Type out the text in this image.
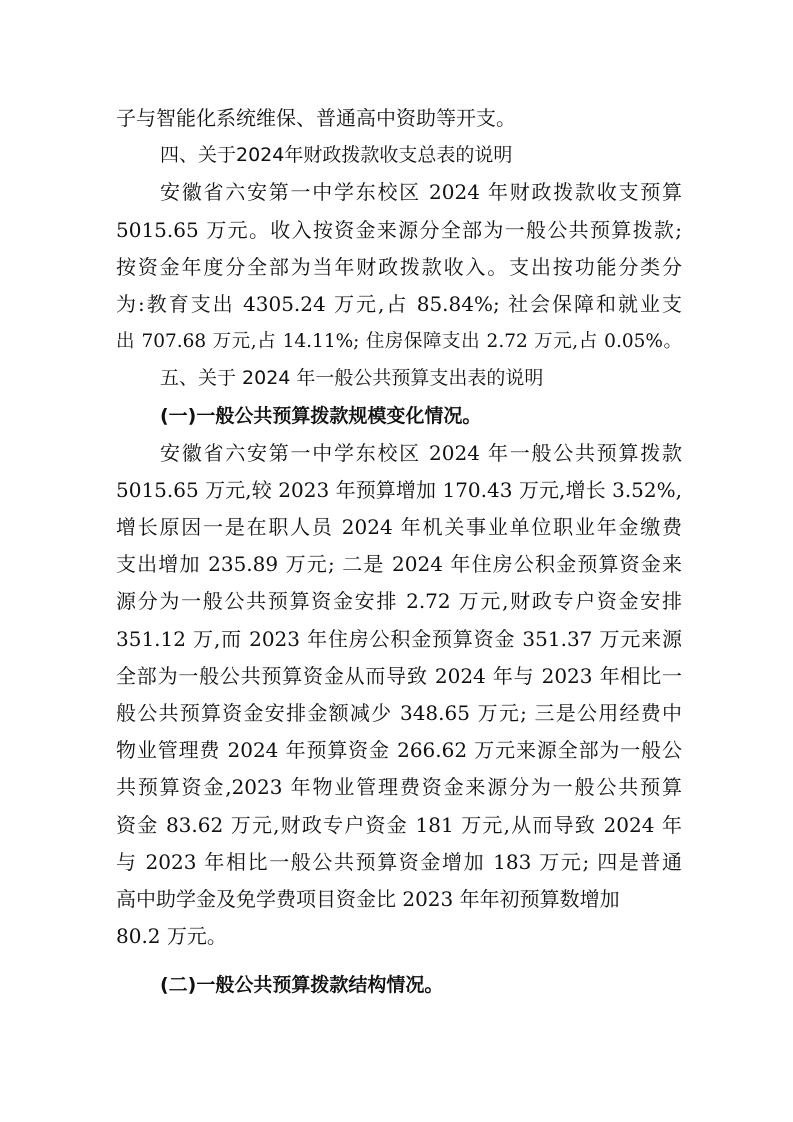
子与智能化系统维保、普通高中资助等开支。
四、关于2024年财政拨款收支总表的说明
安徽省六安第一中学东校区 2024 年财政拨款收支预算
5015.65 万元。收入按资金来源分全部为一般公共预算拨款;
按资金年度分全部为当年财政拨款收入。支出按功能分类分
为:教育支出 4305.24 万元,占 85.84%; 社会保障和就业支
出 707.68 万元,占 14.11%; 住房保障支出 2.72 万元,占 0.05%。
五、关于 2024 年一般公共预算支出表的说明
(一)一般公共预算拨款规模变化情况。
安徽省六安第一中学东校区 2024 年一般公共预算拨款
5015.65 万元,较 2023 年预算增加 170.43 万元,增长 3.52%,
增长原因一是在职人员 2024 年机关事业单位职业年金缴费
支出增加 235.89 万元; 二是 2024 年住房公积金预算资金来
源分为一般公共预算资金安排 2.72 万元,财政专户资金安排
351.12 万,而 2023 年住房公积金预算资金 351.37 万元来源
全部为一般公共预算资金从而导致 2024 年与 2023 年相比一
般公共预算资金安排金额减少 348.65 万元; 三是公用经费中
物业管理费 2024 年预算资金 266.62 万元来源全部为一般公
共预算资金,2023 年物业管理费资金来源分为一般公共预算
资金 83.62 万元,财政专户资金 181 万元,从而导致 2024 年
与 2023 年相比一般公共预算资金增加 183 万元; 四是普通
高中助学金及免学费项目资金比 2023 年年初预算数增加
80.2 万元。
(二)一般公共预算拨款结构情况。
